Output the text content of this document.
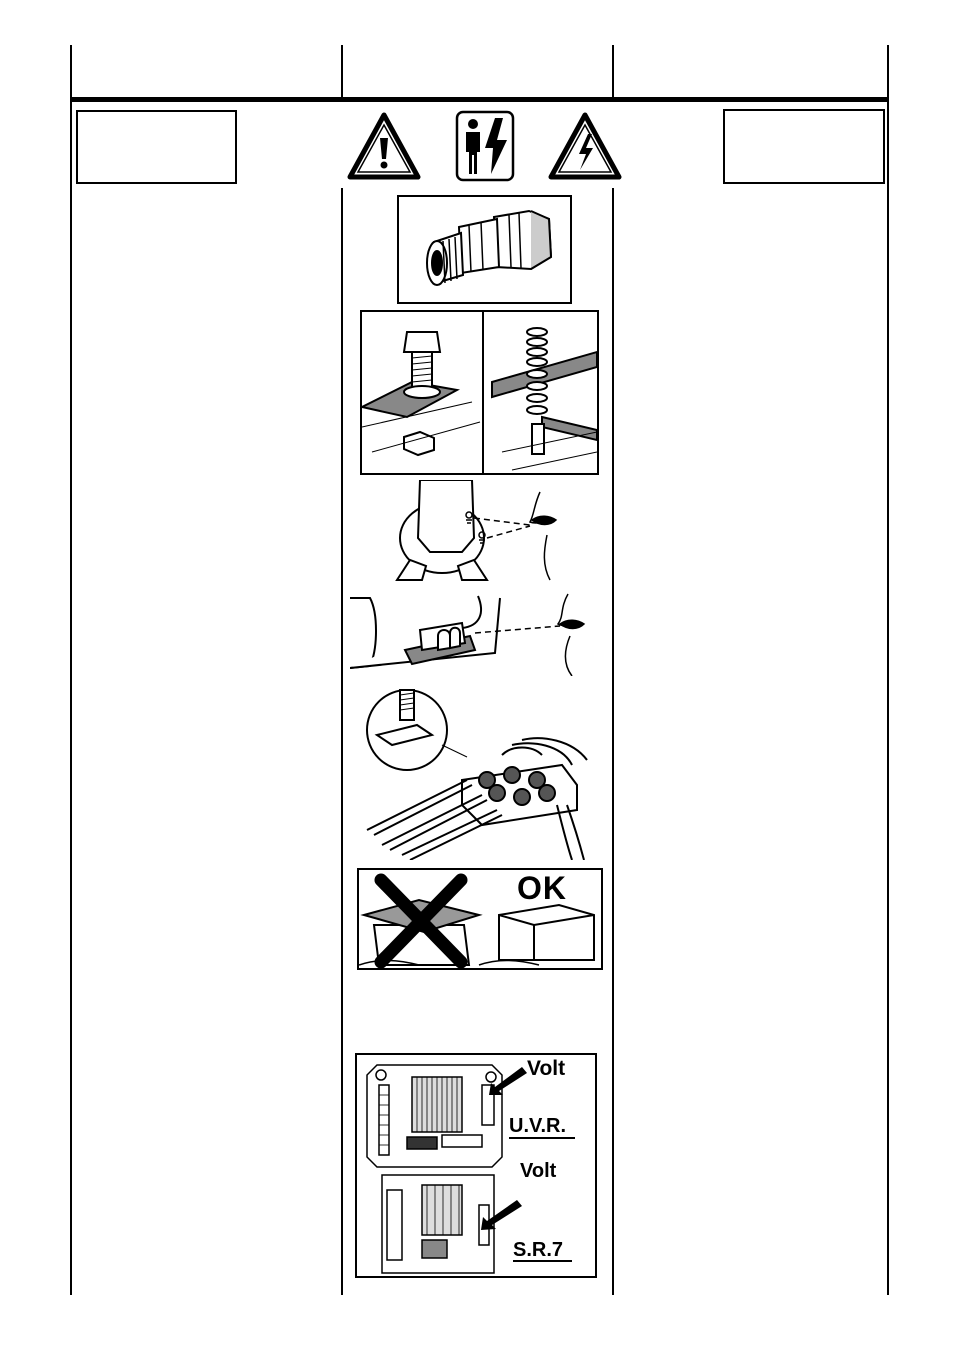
OK
Volt
U.V.R.
Volt
S.R.7
